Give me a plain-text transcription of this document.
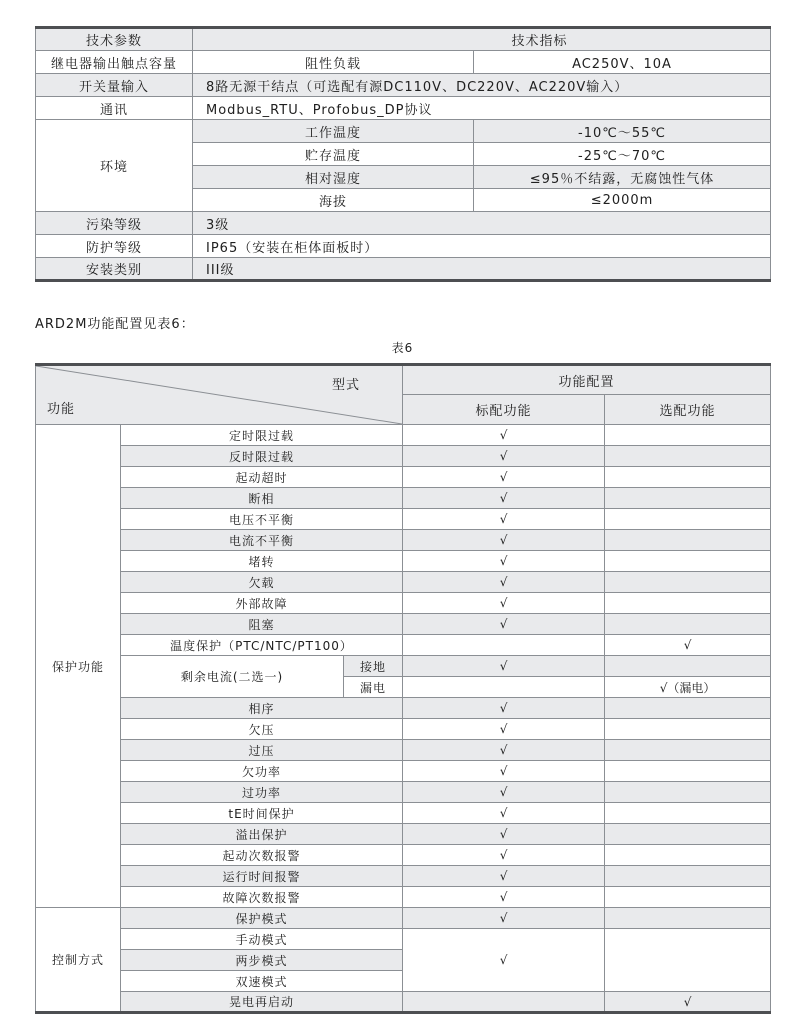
技术参数	技术指标	
继电器输出触点容量	阻性负载	AC250V、10A
开关量输入	8路无源干结点（可选配有源DC110V、DC220V、AC220V输入）	
通讯	Modbus_RTU、Profobus_DP协议	
环境	工作温度	-10℃～55℃
	贮存温度	-25℃～70℃
	相对湿度	≤95％不结露，无腐蚀性气体
	海拔	≤2000m
污染等级	3级	
防护等级	IP65（安装在柜体面板时）	
安装类别	III级	
ARD2M功能配置见表6：
表6
型式
功能			功能配置	
			标配功能	选配功能
保护功能	定时限过载		√	
	反时限过载		√	
	起动超时		√	
	断相		√	
	电压不平衡		√	
	电流不平衡		√	
	堵转		√	
	欠载		√	
	外部故障		√	
	阻塞		√	
	温度保护（PTC/NTC/PT100）			√
	剩余电流(二选一)	接地	√	
		漏电		√（漏电）
	相序		√	
	欠压		√	
	过压		√	
	欠功率		√	
	过功率		√	
	tE时间保护		√	
	溢出保护		√	
	起动次数报警		√	
	运行时间报警		√	
	故障次数报警		√	
控制方式	保护模式		√	
	手动模式		√	
	两步模式			
	双速模式			
	晃电再启动			√
